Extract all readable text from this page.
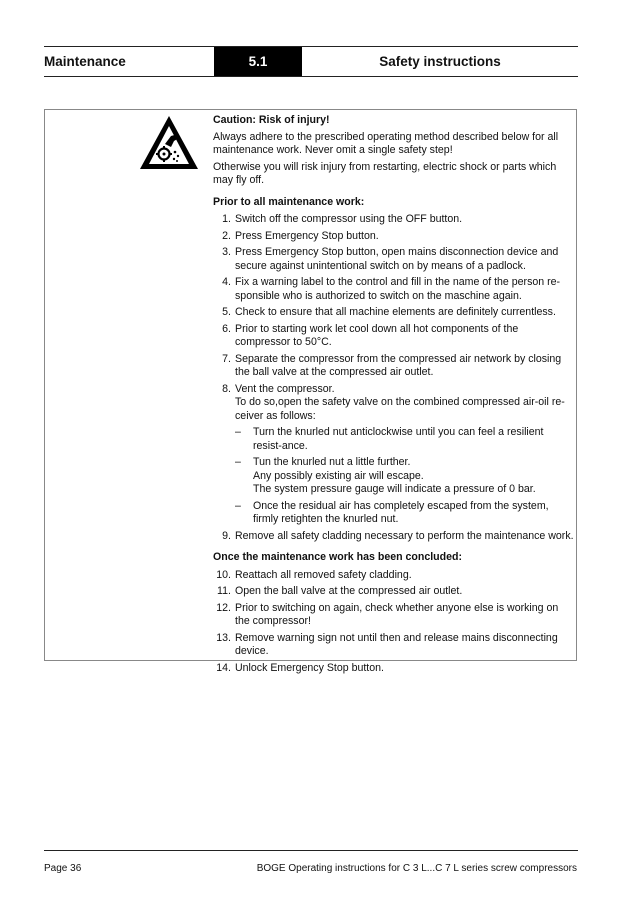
Maintenance	5.1	Safety instructions
Caution: Risk of injury!
Always adhere to the prescribed operating method described below for all maintenance work. Never omit a single safety step!
Otherwise you will risk injury from restarting, electric shock or parts which may fly off.
Prior to all maintenance work:
1. Switch off the compressor using the OFF button.
2. Press Emergency Stop button.
3. Press Emergency Stop button, open mains disconnection device and secure against unintentional switch on by means of a padlock.
4. Fix a warning label to the control and fill in the name of the person re-sponsible who is authorized to switch on the maschine again.
5. Check to ensure that all machine elements are definitely currentless.
6. Prior to starting work let cool down all hot components of the compressor to 50°C.
7. Separate the compressor from the compressed air network by closing the ball valve at the compressed air outlet.
8. Vent the compressor.
To do so,open the safety valve on the combined compressed air-oil re-ceiver as follows:
–	Turn the knurled nut anticlockwise until you can feel a resilient resist-ance.
–	Tun the knurled nut a little further.
Any possibly existing air will escape.
The system pressure gauge will indicate a pressure of 0 bar.
–	Once the residual air has completely escaped from the system, firmly retighten the knurled nut.
9. Remove all safety cladding necessary to perform the maintenance work.
Once the maintenance work has been concluded:
10. Reattach all removed safety cladding.
11. Open the ball valve at the compressed air outlet.
12. Prior to switching on again, check whether anyone else is working on the compressor!
13. Remove warning sign not until then and release mains disconnecting device.
14. Unlock Emergency Stop button.
Page 36	BOGE Operating instructions for C 3 L...C 7 L series screw compressors
